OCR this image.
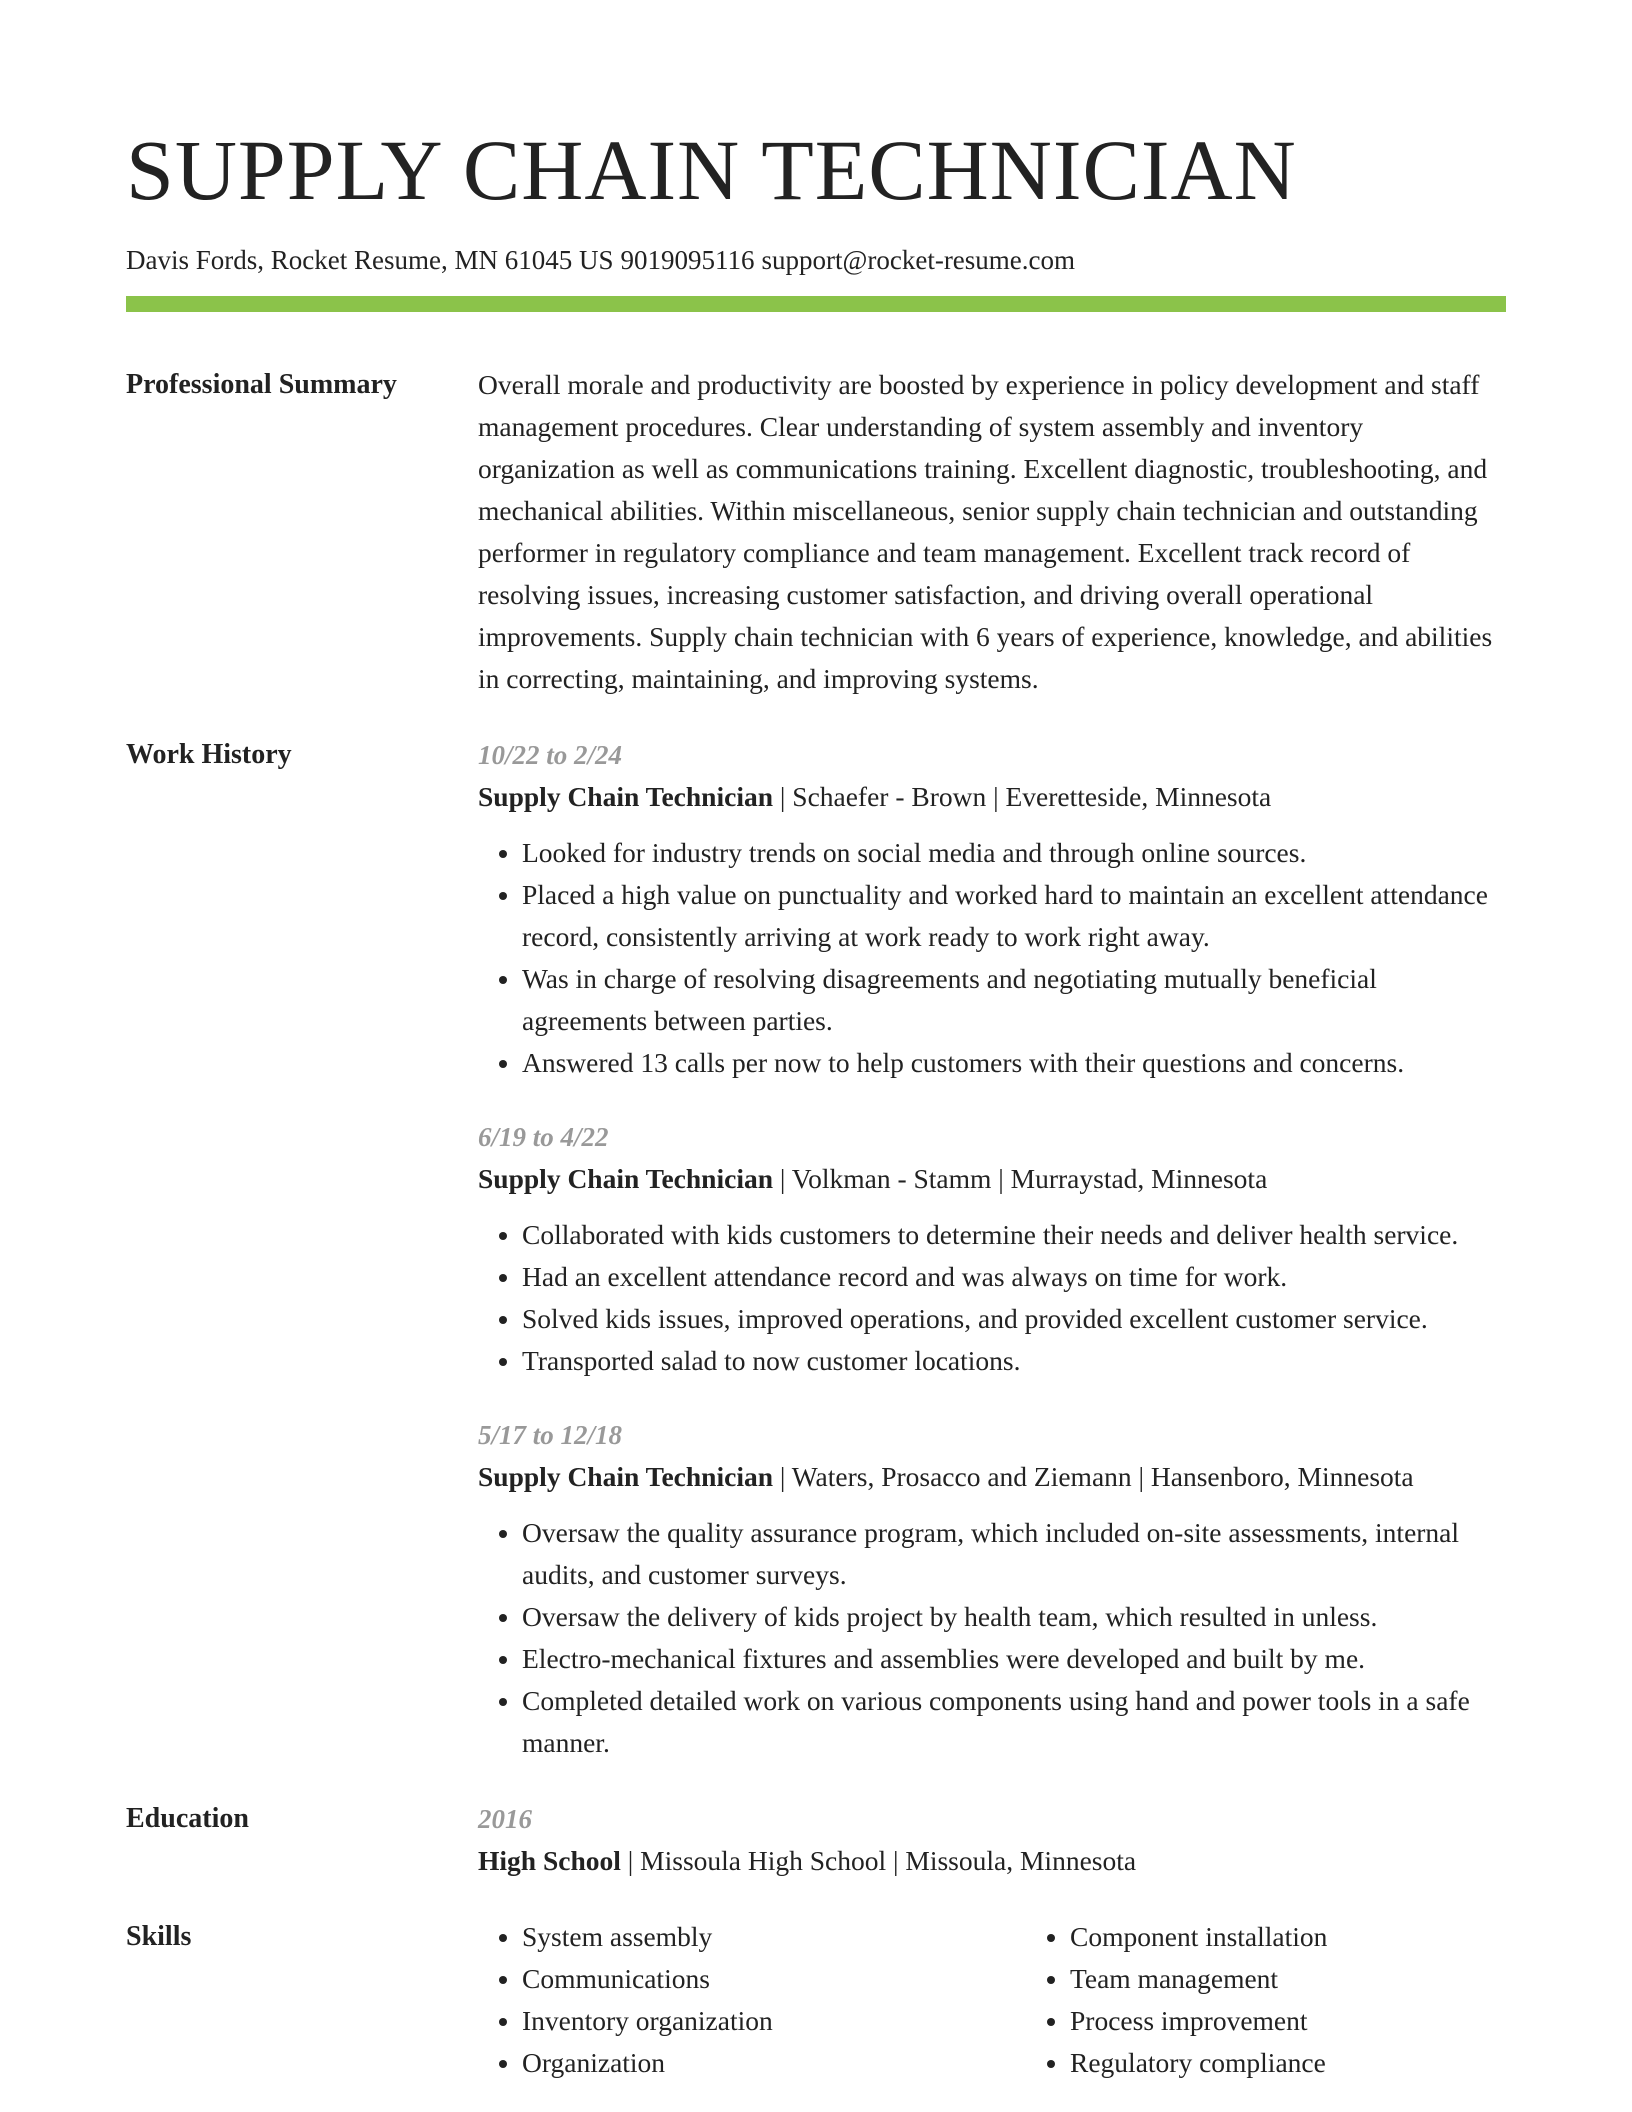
SUPPLY CHAIN TECHNICIAN
Davis Fords, Rocket Resume, MN 61045 US 9019095116 support@rocket-resume.com
Professional Summary	Overall morale and productivity are boosted by experience in policy development and staff management procedures. Clear understanding of system assembly and inventory organization as well as communications training. Excellent diagnostic, troubleshooting, and mechanical abilities. Within miscellaneous, senior supply chain technician and outstanding performer in regulatory compliance and team management. Excellent track record of resolving issues, increasing customer satisfaction, and driving overall operational improvements. Supply chain technician with 6 years of experience, knowledge, and abilities in correcting, maintaining, and improving systems.

Work History	10/22 to 2/24
Supply Chain Technician | Schaefer - Brown | Everetteside, Minnesota
• Looked for industry trends on social media and through online sources.
• Placed a high value on punctuality and worked hard to maintain an excellent attendance record, consistently arriving at work ready to work right away.
• Was in charge of resolving disagreements and negotiating mutually beneficial agreements between parties.
• Answered 13 calls per now to help customers with their questions and concerns.
6/19 to 4/22
Supply Chain Technician | Volkman - Stamm | Murraystad, Minnesota
• Collaborated with kids customers to determine their needs and deliver health service.
• Had an excellent attendance record and was always on time for work.
• Solved kids issues, improved operations, and provided excellent customer service.
• Transported salad to now customer locations.
5/17 to 12/18
Supply Chain Technician | Waters, Prosacco and Ziemann | Hansenboro, Minnesota
• Oversaw the quality assurance program, which included on-site assessments, internal audits, and customer surveys.
• Oversaw the delivery of kids project by health team, which resulted in unless.
• Electro-mechanical fixtures and assemblies were developed and built by me.
• Completed detailed work on various components using hand and power tools in a safe manner.
Education	2016
High School | Missoula High School | Missoula, Minnesota
Skills
•	System assembly
• Communications
• Inventory organization
• Organization
• Component installation
• Team management
• Process improvement
• Regulatory compliance
